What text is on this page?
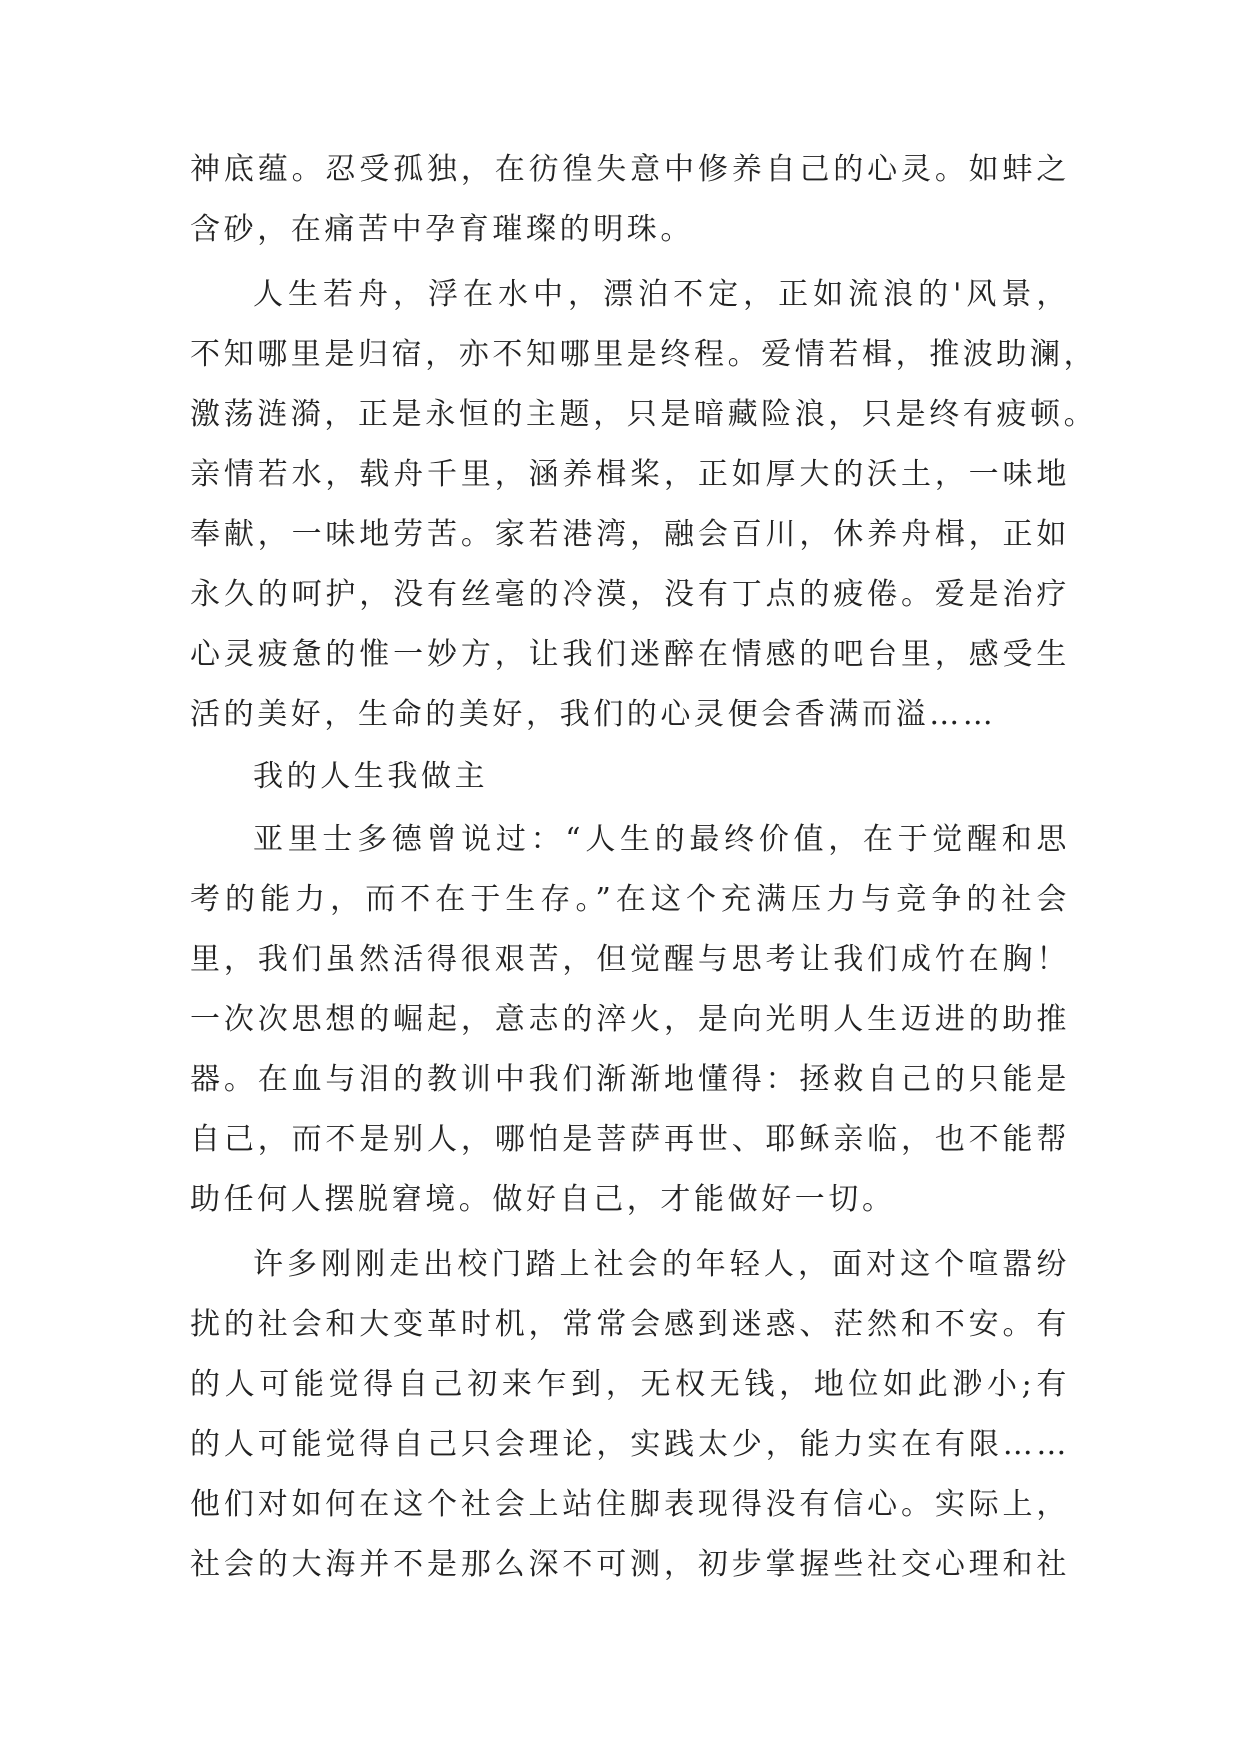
神底蕴。忍受孤独，在彷徨失意中修养自己的心灵。如蚌之
含砂，在痛苦中孕育璀璨的明珠。
人生若舟，浮在水中，漂泊不定，正如流浪的'风景，
不知哪里是归宿，亦不知哪里是终程。爱情若楫，推波助澜，
激荡涟漪，正是永恒的主题，只是暗藏险浪，只是终有疲顿。
亲情若水，载舟千里，涵养楫桨，正如厚大的沃土，一味地
奉献，一味地劳苦。家若港湾，融会百川，休养舟楫，正如
永久的呵护，没有丝毫的冷漠，没有丁点的疲倦。爱是治疗
心灵疲惫的惟一妙方，让我们迷醉在情感的吧台里，感受生
活的美好，生命的美好，我们的心灵便会香满而溢……
我的人生我做主
亚里士多德曾说过：“人生的最终价值，在于觉醒和思
考的能力，而不在于生存。”在这个充满压力与竞争的社会
里，我们虽然活得很艰苦，但觉醒与思考让我们成竹在胸！
一次次思想的崛起，意志的淬火，是向光明人生迈进的助推
器。在血与泪的教训中我们渐渐地懂得：拯救自己的只能是
自己，而不是别人，哪怕是菩萨再世、耶稣亲临，也不能帮
助任何人摆脱窘境。做好自己，才能做好一切。
许多刚刚走出校门踏上社会的年轻人，面对这个喧嚣纷
扰的社会和大变革时机，常常会感到迷惑、茫然和不安。有
的人可能觉得自己初来乍到，无权无钱，地位如此渺小;有
的人可能觉得自己只会理论，实践太少，能力实在有限……
他们对如何在这个社会上站住脚表现得没有信心。实际上，
社会的大海并不是那么深不可测，初步掌握些社交心理和社
